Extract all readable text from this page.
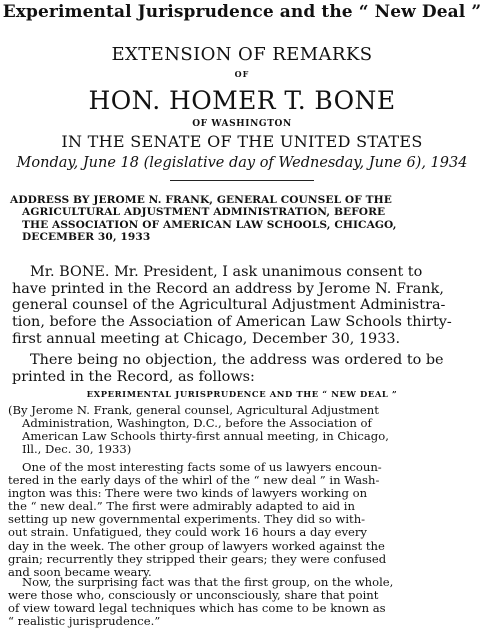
Experimental Jurisprudence and the “ New Deal ”

EXTENSION OF REMARKS

OF

HON. HOMER T. BONE

OF WASHINGTON

IN THE SENATE OF THE UNITED STATES

Monday, June 18 (legislative day of Wednesday, June 6), 1934

ADDRESS BY JEROME N. FRANK, GENERAL COUNSEL OF THE
AGRICULTURAL ADJUSTMENT ADMINISTRATION, BEFORE
THE ASSOCIATION OF AMERICAN LAW SCHOOLS, CHICAGO,
DECEMBER 30, 1933
Mr. BONE. Mr. President, I ask unanimous consent to
have printed in the Record an address by Jerome N. Frank,
general counsel of the Agricultural Adjustment Administra-
tion, before the Association of American Law Schools thirty-
first annual meeting at Chicago, December 30, 1933.
There being no objection, the address was ordered to be
printed in the Record, as follows:

EXPERIMENTAL JURISPRUDENCE AND THE “ NEW DEAL ”

(By Jerome N. Frank, general counsel, Agricultural Adjustment
Administration, Washington, D.C., before the Association of
American Law Schools thirty-first annual meeting, in Chicago,
Ill., Dec. 30, 1933)
One of the most interesting facts some of us lawyers encoun-
tered in the early days of the whirl of the “ new deal ” in Wash-
ington was this: There were two kinds of lawyers working on
the “ new deal.” The first were admirably adapted to aid in
setting up new governmental experiments. They did so with-
out strain. Unfatigued, they could work 16 hours a day every
day in the week. The other group of lawyers worked against the
grain; recurrently they stripped their gears; they were confused
and soon became weary.
Now, the surprising fact was that the first group, on the whole,
were those who, consciously or unconsciously, share that point
of view toward legal techniques which has come to be known as
“ realistic jurisprudence.”
